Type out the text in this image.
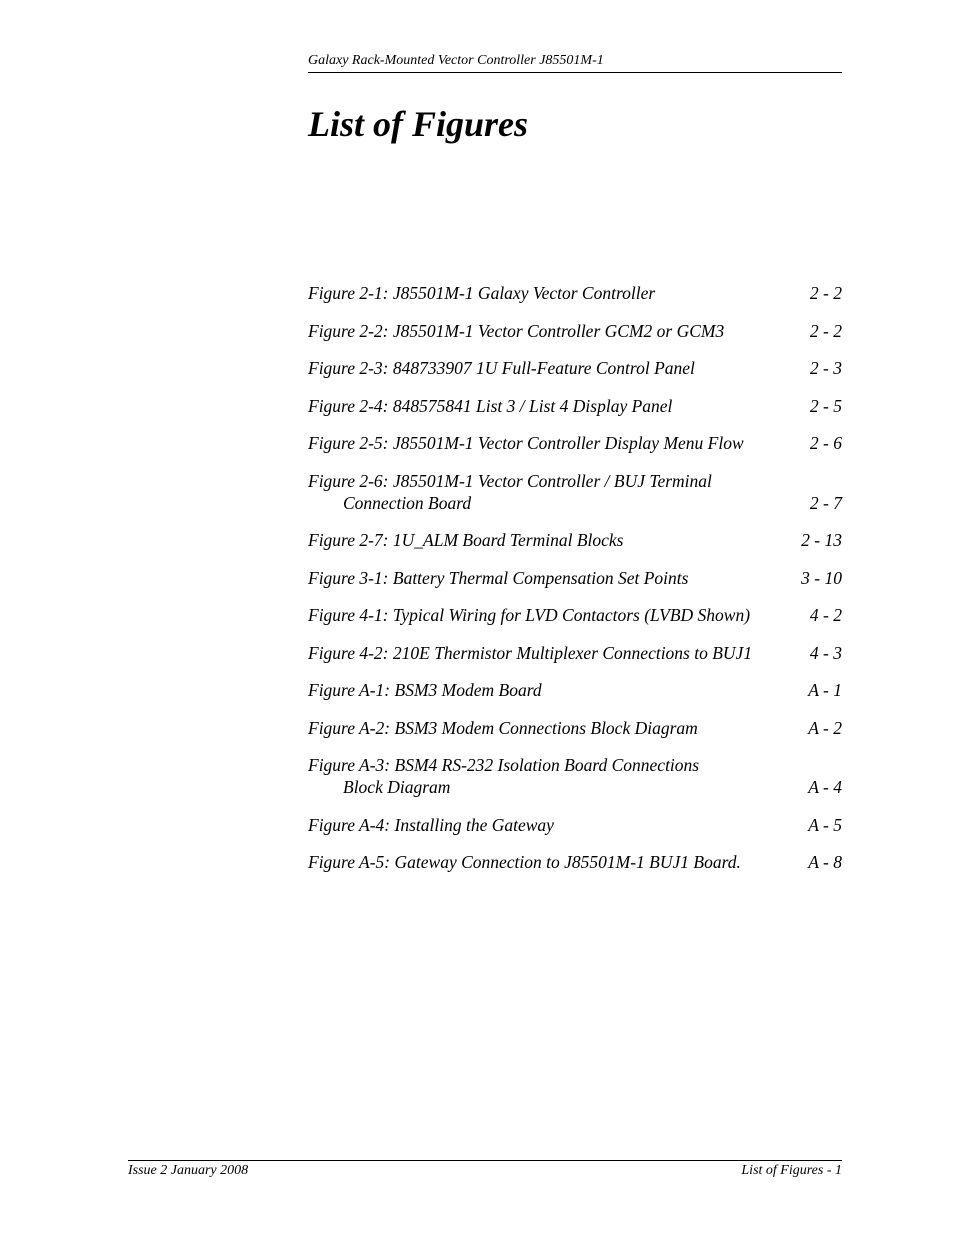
Galaxy Rack-Mounted Vector Controller J85501M-1
List of Figures
Figure 2-1: J85501M-1 Galaxy Vector Controller	2 - 2
Figure 2-2: J85501M-1 Vector Controller GCM2 or GCM3	2 - 2
Figure 2-3: 848733907 1U Full-Feature Control Panel	2 - 3
Figure 2-4: 848575841 List 3 / List 4 Display Panel	2 - 5
Figure 2-5: J85501M-1 Vector Controller Display Menu Flow	2 - 6
Figure 2-6: J85501M-1 Vector Controller / BUJ Terminal
Connection Board	2 - 7
Figure 2-7: 1U_ALM Board Terminal Blocks	2 - 13
Figure 3-1: Battery Thermal Compensation Set Points	3 - 10
Figure 4-1: Typical Wiring for LVD Contactors (LVBD Shown)	4 - 2
Figure 4-2: 210E Thermistor Multiplexer Connections to BUJ1	4 - 3
Figure A-1: BSM3 Modem Board	A - 1
Figure A-2: BSM3 Modem Connections Block Diagram	A - 2
Figure A-3: BSM4 RS-232 Isolation Board Connections
Block Diagram	A - 4
Figure A-4: Installing the Gateway	A - 5
Figure A-5: Gateway Connection to J85501M-1 BUJ1 Board.	A - 8
Issue 2 January 2008	List of Figures - 1
